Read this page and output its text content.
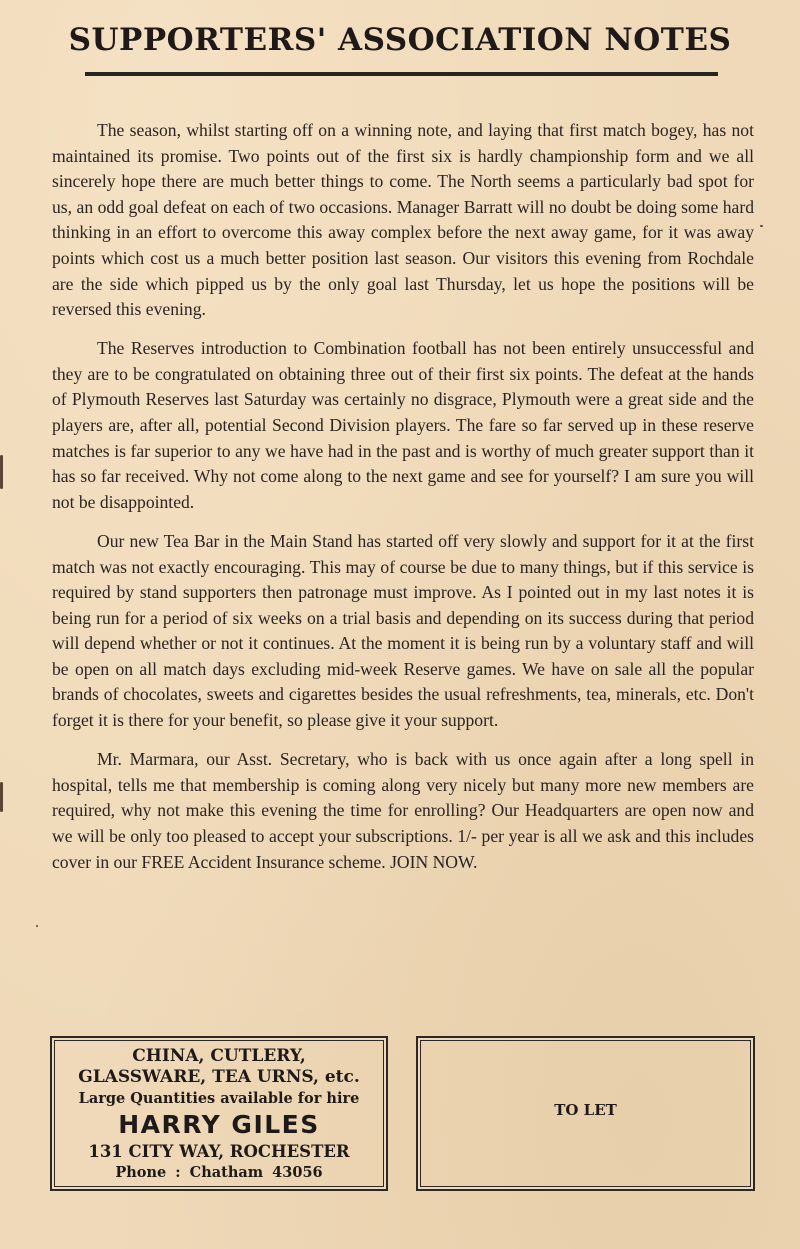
SUPPORTERS' ASSOCIATION NOTES

The season, whilst starting off on a winning note, and laying that first match bogey, has not maintained its promise. Two points out of the first six is hardly championship form and we all sincerely hope there are much better things to come. The North seems a particularly bad spot for us, an odd goal defeat on each of two occasions. Manager Barratt will no doubt be doing some hard thinking in an effort to overcome this away complex before the next away game, for it was away points which cost us a much better position last season. Our visitors this evening from Rochdale are the side which pipped us by the only goal last Thursday, let us hope the positions will be reversed this evening.

The Reserves introduction to Combination football has not been entirely unsuccessful and they are to be congratulated on obtaining three out of their first six points. The defeat at the hands of Plymouth Reserves last Saturday was certainly no disgrace, Plymouth were a great side and the players are, after all, potential Second Division players. The fare so far served up in these reserve matches is far superior to any we have had in the past and is worthy of much greater support than it has so far received. Why not come along to the next game and see for yourself? I am sure you will not be disappointed.

Our new Tea Bar in the Main Stand has started off very slowly and support for it at the first match was not exactly encouraging. This may of course be due to many things, but if this service is required by stand supporters then patronage must improve. As I pointed out in my last notes it is being run for a period of six weeks on a trial basis and depending on its success during that period will depend whether or not it continues. At the moment it is being run by a voluntary staff and will be open on all match days excluding mid-week Reserve games. We have on sale all the popular brands of chocolates, sweets and cigarettes besides the usual refreshments, tea, minerals, etc. Don't forget it is there for your benefit, so please give it your support.

Mr. Marmara, our Asst. Secretary, who is back with us once again after a long spell in hospital, tells me that membership is coming along very nicely but many more new members are required, why not make this evening the time for enrolling? Our Headquarters are open now and we will be only too pleased to accept your subscriptions. 1/- per year is all we ask and this includes cover in our FREE Accident Insurance scheme. JOIN NOW.

CHINA, CUTLERY,
GLASSWARE, TEA URNS, etc.
Large Quantities available for hire
HARRY GILES
131 CITY WAY, ROCHESTER
Phone : Chatham 43056
TO LET
